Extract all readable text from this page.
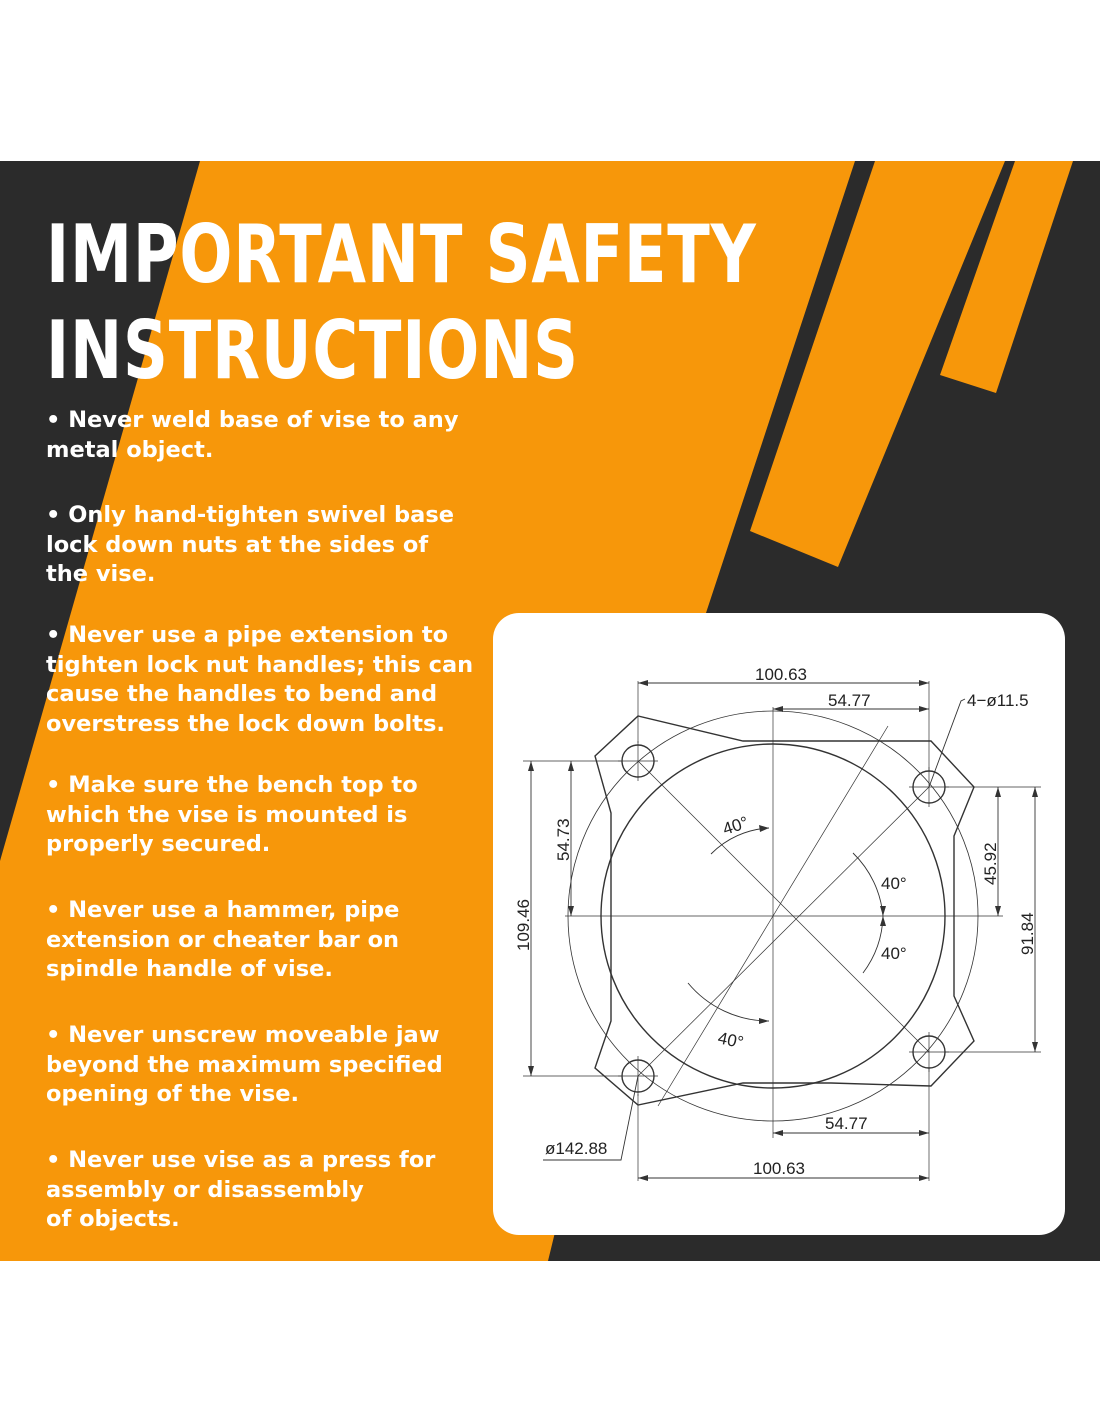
IMPORTANT SAFETY
INSTRUCTIONS
• Never weld base of vise to any
metal object.
• Only hand-tighten swivel base
lock down nuts at the sides of
the vise.
• Never use a pipe extension to
tighten lock nut handles; this can
cause the handles to bend and
overstress the lock down bolts.
• Make sure the bench top to
which the vise is mounted is
properly secured.
• Never use a hammer, pipe
extension or cheater bar on
spindle handle of vise.
• Never unscrew moveable jaw
beyond the maximum specified
opening of the vise.
• Never use vise as a press for
assembly or disassembly
of objects.
100.63
54.77	4−ø11.5
54.73
109.46
45.92
91.84
40°
40°
40°
40°
ø142.88
54.77
100.63
